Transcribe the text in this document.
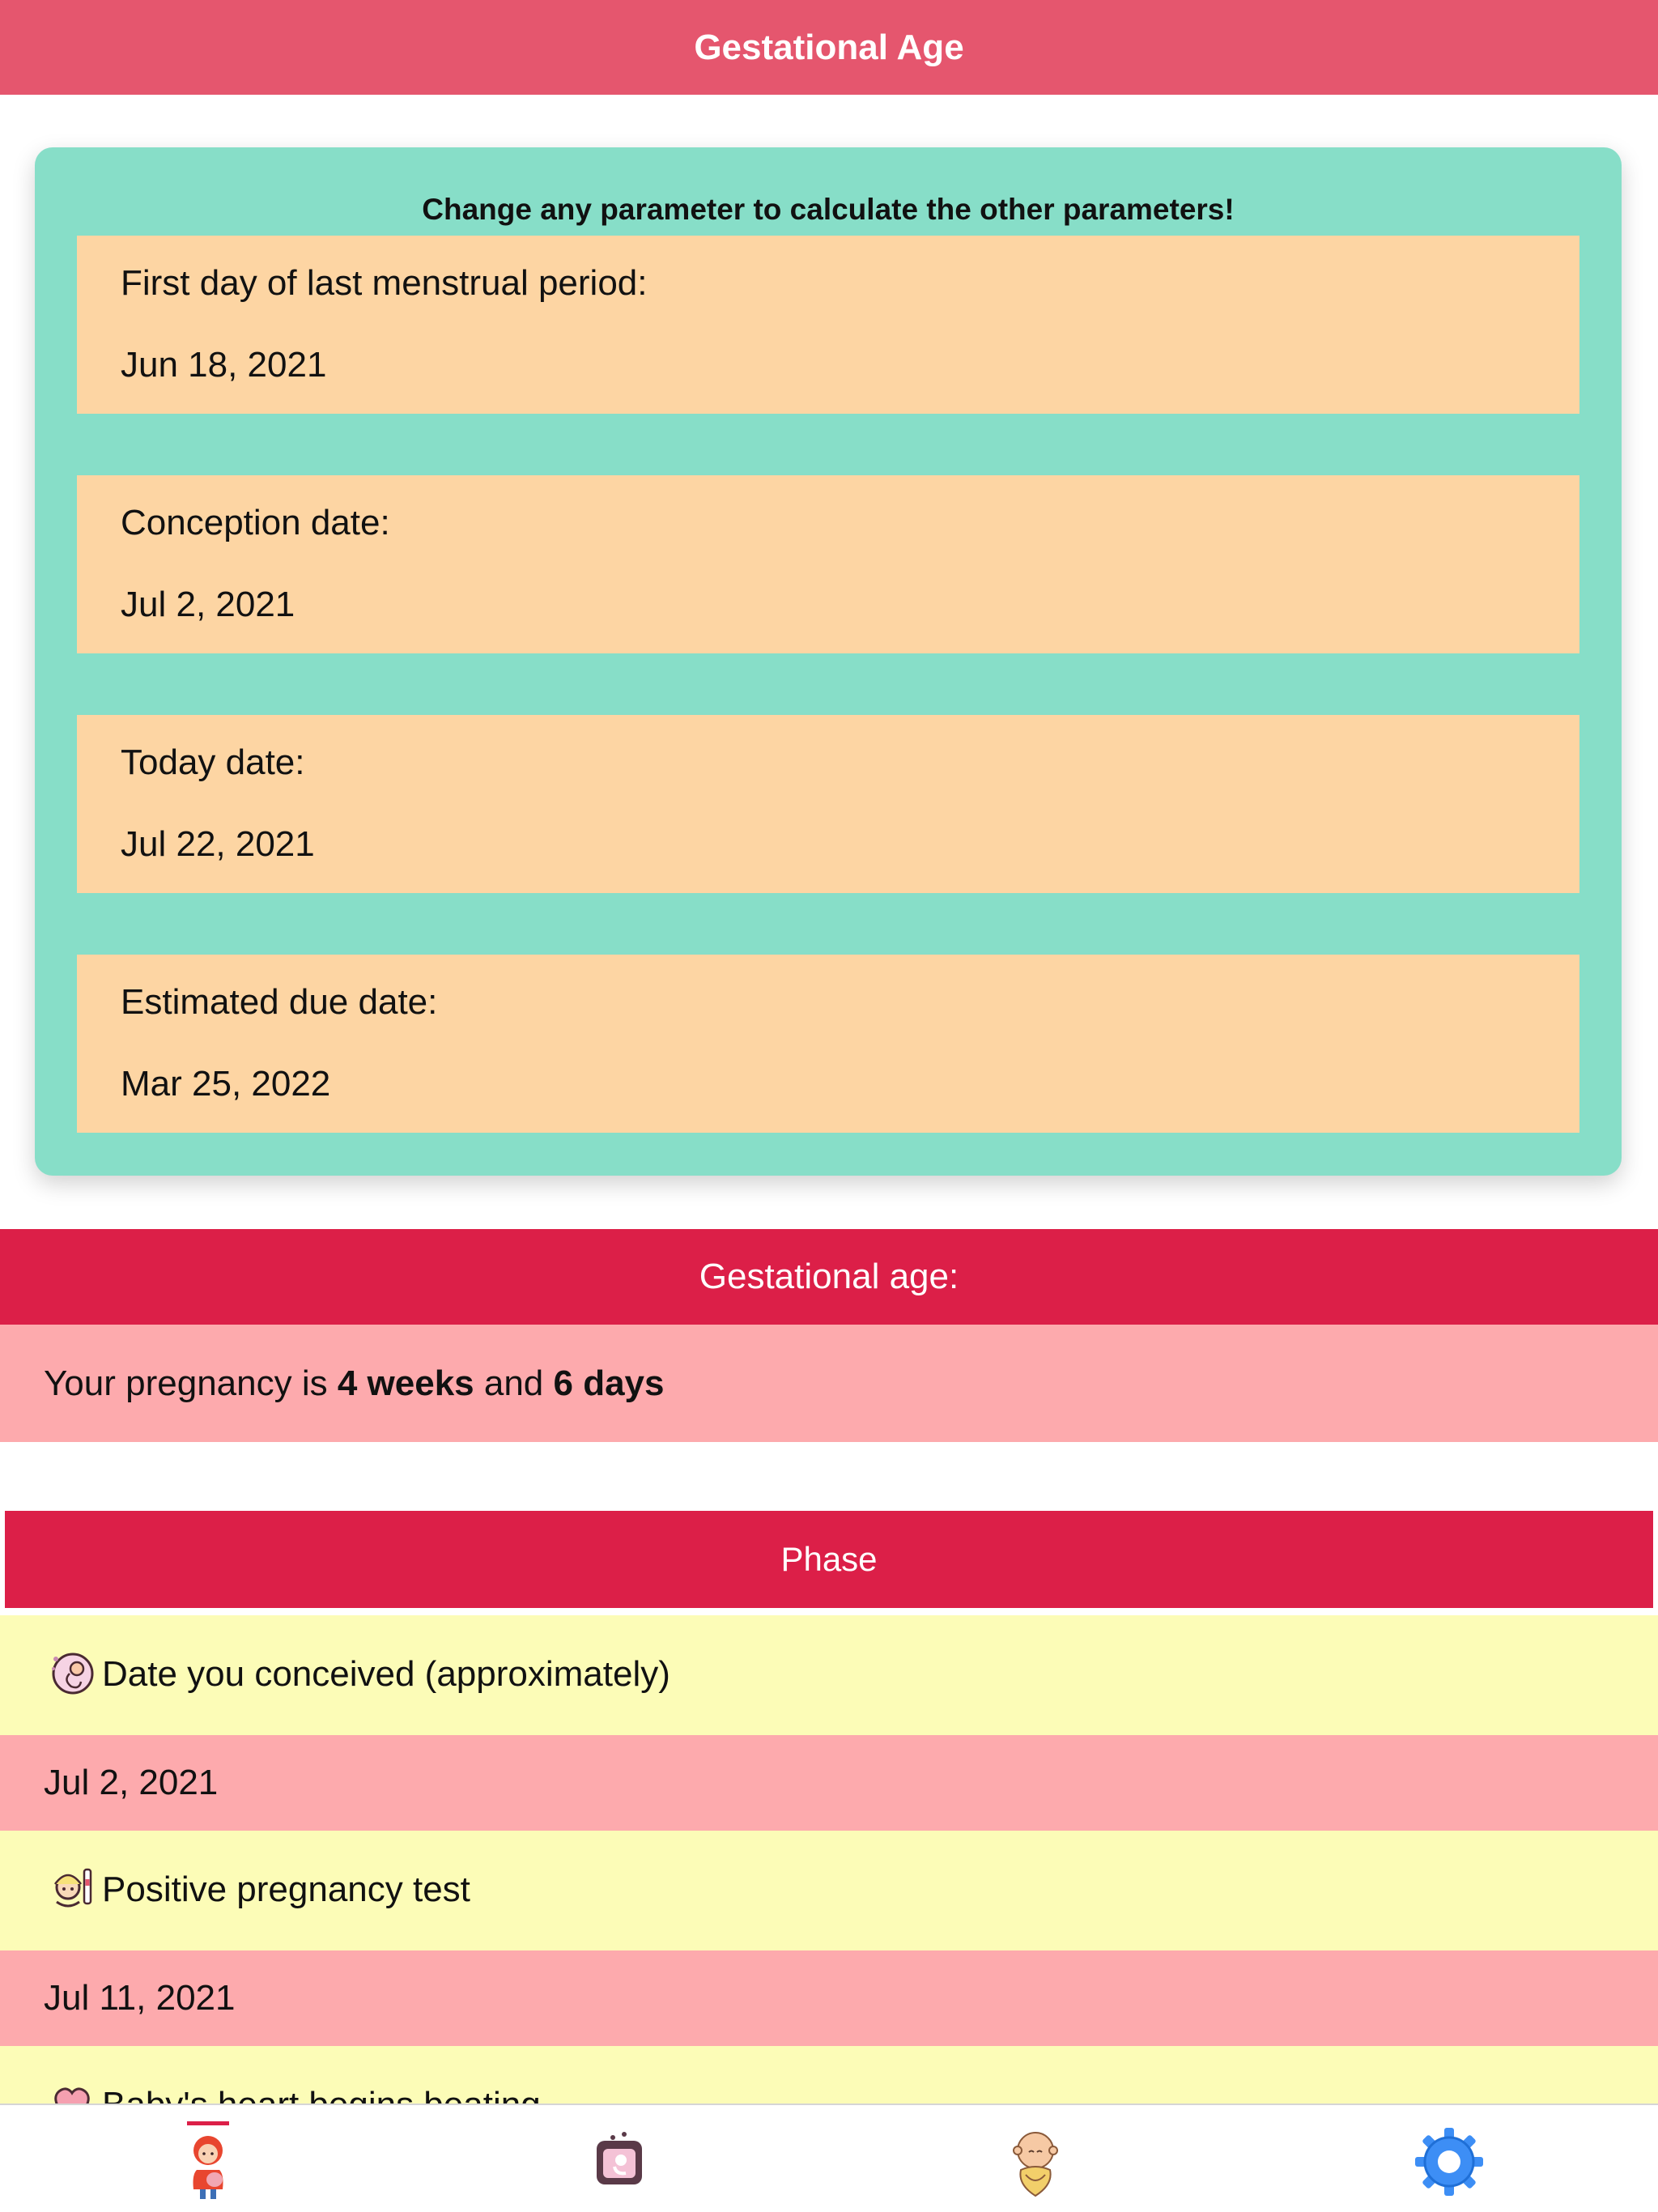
Gestational Age
Change any parameter to calculate the other parameters!
First day of last menstrual period:
Jun 18, 2021
Conception date:
Jul 2, 2021
Today date:
Jul 22, 2021
Estimated due date:
Mar 25, 2022
Gestational age:
Your pregnancy is 4 weeks and 6 days
Phase
Date you conceived (approximately)
Jul 2, 2021
Positive pregnancy test
Jul 11, 2021
